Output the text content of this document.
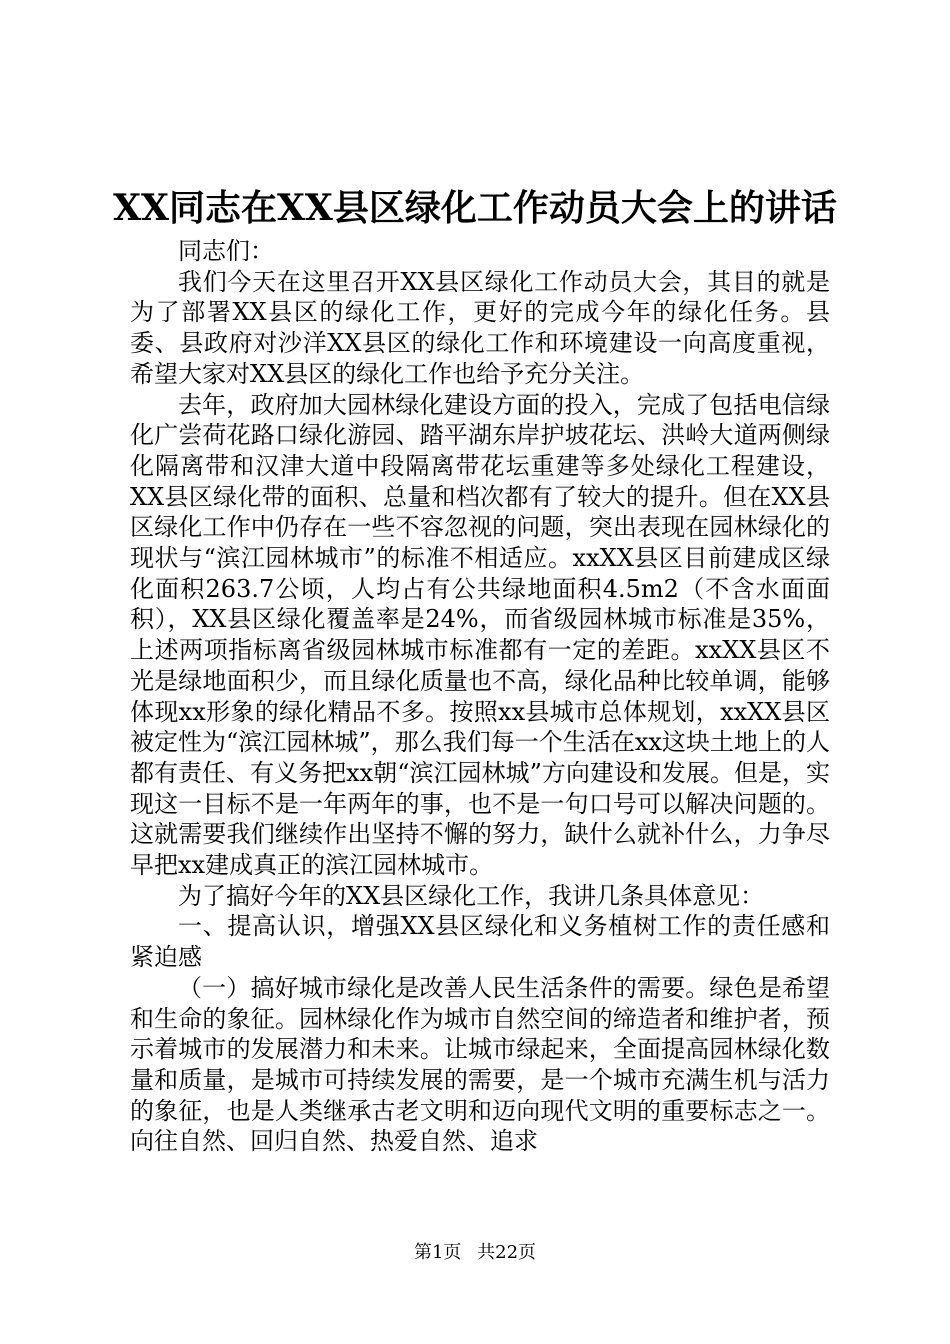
XX同志在XX县区绿化工作动员大会上的讲话

同志们：

我们今天在这里召开XX县区绿化工作动员大会，其目的就是为了部署XX县区的绿化工作，更好的完成今年的绿化任务。县委、县政府对沙洋XX县区的绿化工作和环境建设一向高度重视，希望大家对XX县区的绿化工作也给予充分关注。

去年，政府加大园林绿化建设方面的投入，完成了包括电信绿化广尝荷花路口绿化游园、踏平湖东岸护坡花坛、洪岭大道两侧绿化隔离带和汉津大道中段隔离带花坛重建等多处绿化工程建设，XX县区绿化带的面积、总量和档次都有了较大的提升。但在XX县区绿化工作中仍存在一些不容忽视的问题，突出表现在园林绿化的现状与“滨江园林城市”的标准不相适应。xxXX县区目前建成区绿化面积263.7公顷，人均占有公共绿地面积4.5m2（不含水面面积），XX县区绿化覆盖率是24%，而省级园林城市标准是35%，上述两项指标离省级园林城市标准都有一定的差距。xxXX县区不光是绿地面积少，而且绿化质量也不高，绿化品种比较单调，能够体现xx形象的绿化精品不多。按照xx县城市总体规划，xxXX县区被定性为“滨江园林城”，那么我们每一个生活在xx这块土地上的人都有责任、有义务把xx朝“滨江园林城”方向建设和发展。但是，实现这一目标不是一年两年的事，也不是一句口号可以解决问题的。这就需要我们继续作出坚持不懈的努力，缺什么就补什么，力争尽早把xx建成真正的滨江园林城市。

为了搞好今年的XX县区绿化工作，我讲几条具体意见：

一、提高认识，增强XX县区绿化和义务植树工作的责任感和紧迫感

（一）搞好城市绿化是改善人民生活条件的需要。绿色是希望和生命的象征。园林绿化作为城市自然空间的缔造者和维护者，预示着城市的发展潜力和未来。让城市绿起来，全面提高园林绿化数量和质量，是城市可持续发展的需要，是一个城市充满生机与活力的象征，也是人类继承古老文明和迈向现代文明的重要标志之一。向往自然、回归自然、热爱自然、追求

第1页 共22页
